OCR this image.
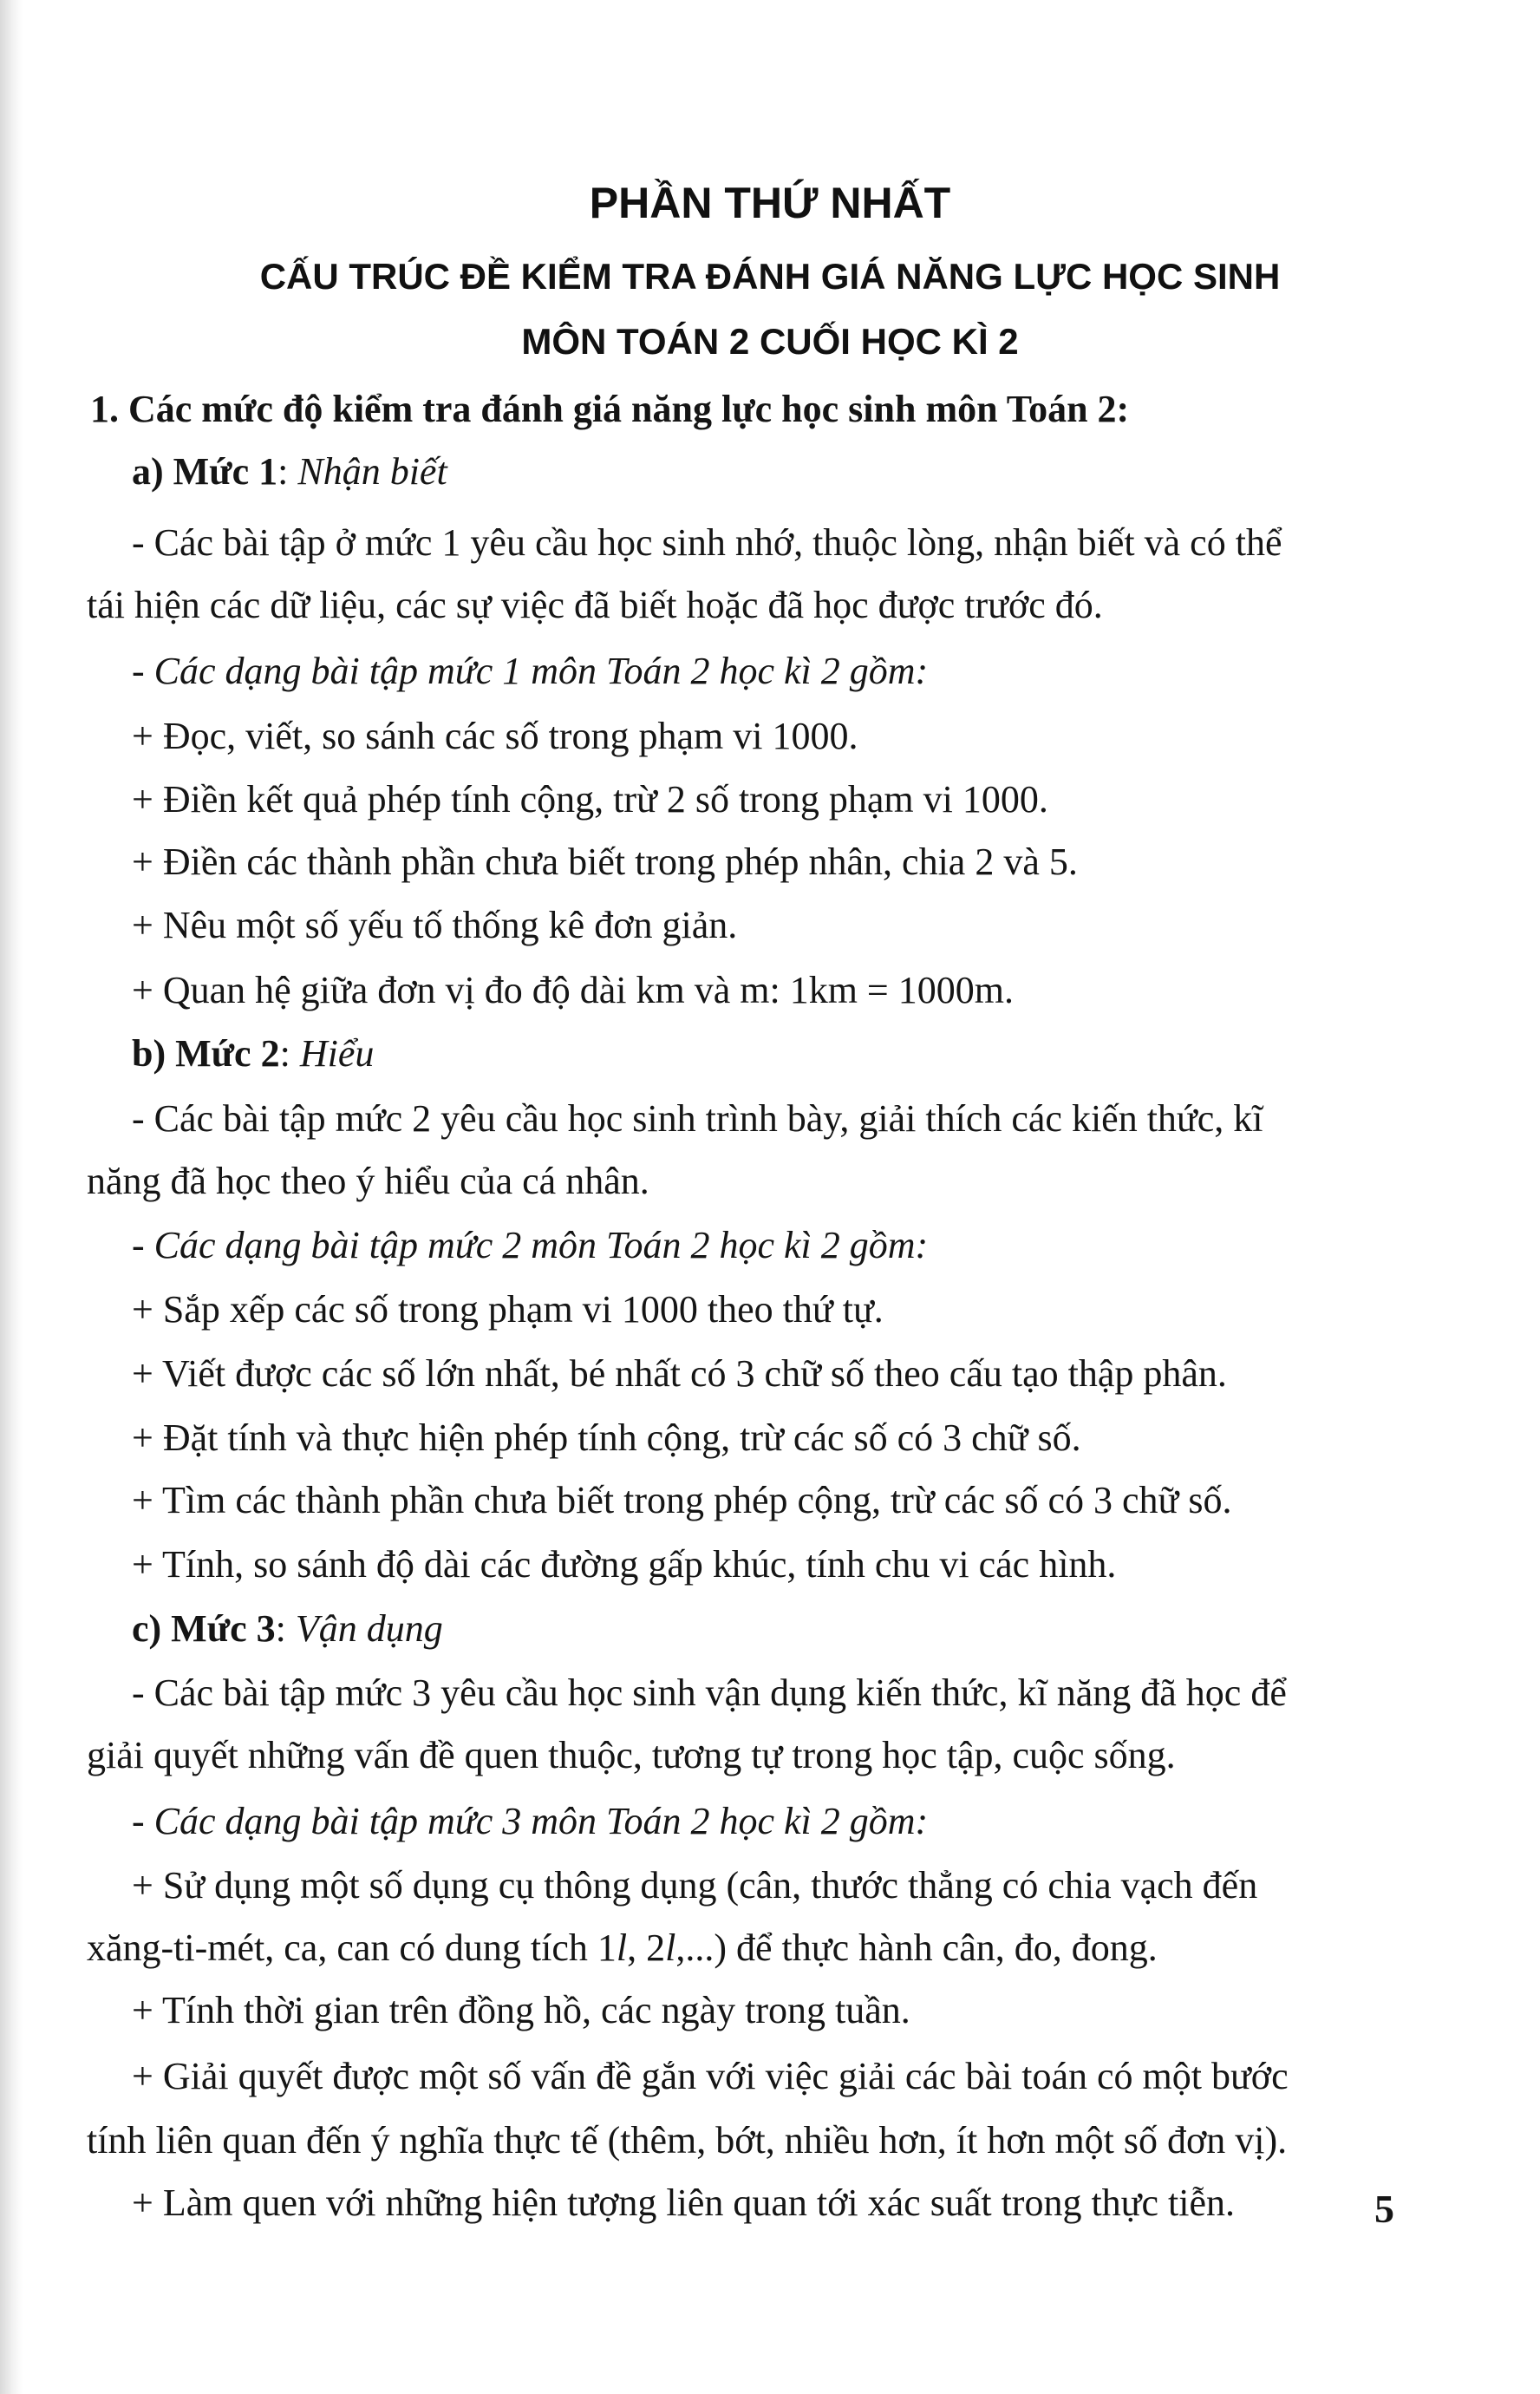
PHẦN THỨ NHẤT
CẤU TRÚC ĐỀ KIỂM TRA ĐÁNH GIÁ NĂNG LỰC HỌC SINH
MÔN TOÁN 2 CUỐI HỌC KÌ 2
1. Các mức độ kiểm tra đánh giá năng lực học sinh môn Toán 2:
a) Mức 1: Nhận biết
- Các bài tập ở mức 1 yêu cầu học sinh nhớ, thuộc lòng, nhận biết và có thể
tái hiện các dữ liệu, các sự việc đã biết hoặc đã học được trước đó.
- Các dạng bài tập mức 1 môn Toán 2 học kì 2 gồm:
+ Đọc, viết, so sánh các số trong phạm vi 1000.
+ Điền kết quả phép tính cộng, trừ 2 số trong phạm vi 1000.
+ Điền các thành phần chưa biết trong phép nhân, chia 2 và 5.
+ Nêu một số yếu tố thống kê đơn giản.
+ Quan hệ giữa đơn vị đo độ dài km và m: 1km = 1000m.
b) Mức 2: Hiểu
- Các bài tập mức 2 yêu cầu học sinh trình bày, giải thích các kiến thức, kĩ
năng đã học theo ý hiểu của cá nhân.
- Các dạng bài tập mức 2 môn Toán 2 học kì 2 gồm:
+ Sắp xếp các số trong phạm vi 1000 theo thứ tự.
+ Viết được các số lớn nhất, bé nhất có 3 chữ số theo cấu tạo thập phân.
+ Đặt tính và thực hiện phép tính cộng, trừ các số có 3 chữ số.
+ Tìm các thành phần chưa biết trong phép cộng, trừ các số có 3 chữ số.
+ Tính, so sánh độ dài các đường gấp khúc, tính chu vi các hình.
c) Mức 3: Vận dụng
- Các bài tập mức 3 yêu cầu học sinh vận dụng kiến thức, kĩ năng đã học để
giải quyết những vấn đề quen thuộc, tương tự trong học tập, cuộc sống.
- Các dạng bài tập mức 3 môn Toán 2 học kì 2 gồm:
+ Sử dụng một số dụng cụ thông dụng (cân, thước thẳng có chia vạch đến
xăng-ti-mét, ca, can có dung tích 1l, 2l,...) để thực hành cân, đo, đong.
+ Tính thời gian trên đồng hồ, các ngày trong tuần.
+ Giải quyết được một số vấn đề gắn với việc giải các bài toán có một bước
tính liên quan đến ý nghĩa thực tế (thêm, bớt, nhiều hơn, ít hơn một số đơn vị).
+ Làm quen với những hiện tượng liên quan tới xác suất trong thực tiễn.	5
